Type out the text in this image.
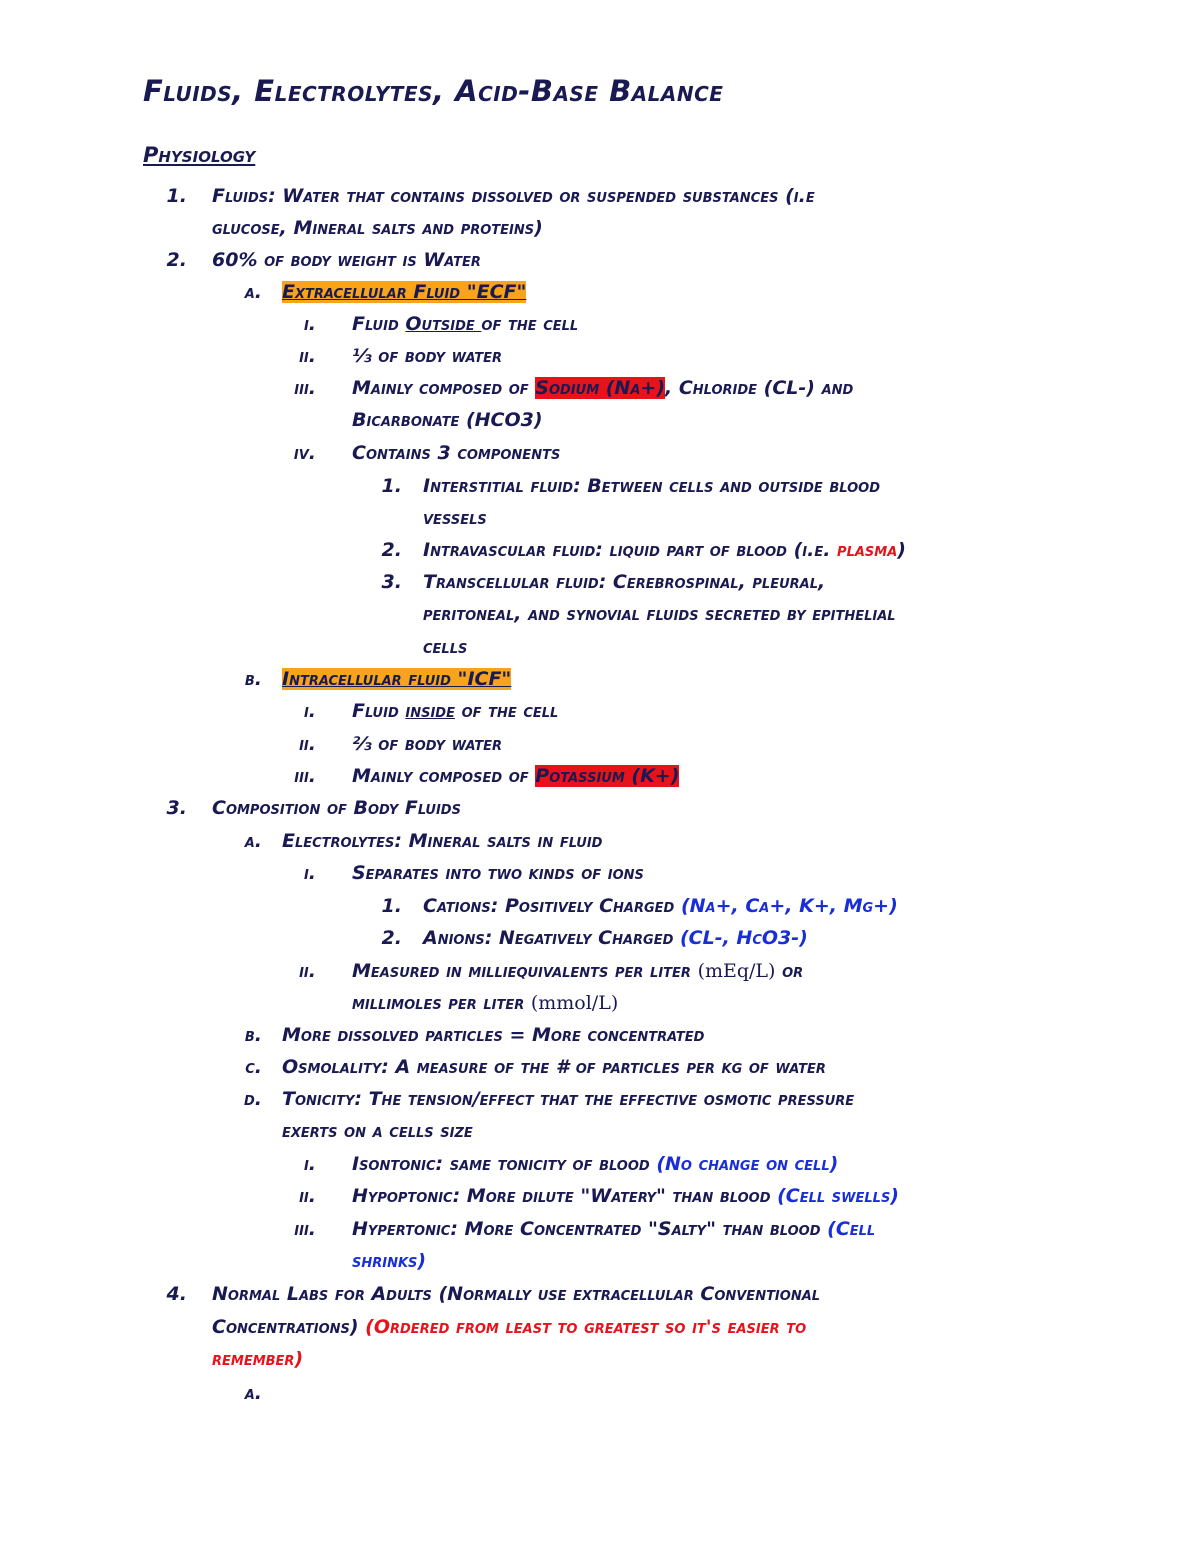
Fluids, Electrolytes, Acid-Base Balance
Physiology
1. Fluids: Water that contains dissolved or suspended substances (i.e
glucose, Mineral salts and proteins)
2. 60% of body weight is Water
a. Extracellular Fluid "ECF"
i. Fluid Outside of the cell
ii. ⅓ of body water
iii. Mainly composed of Sodium (Na+), Chloride (CL-) and
Bicarbonate (HCO3)
iv. Contains 3 components
1. Interstitial fluid: Between cells and outside blood
vessels
2. Intravascular fluid: liquid part of blood (i.e. plasma)
3. Transcellular fluid: Cerebrospinal, pleural,
peritoneal, and synovial fluids secreted by epithelial
cells
b. Intracellular fluid "ICF"
i. Fluid inside of the cell
ii. ⅔ of body water
iii. Mainly composed of Potassium (K+)
3. Composition of Body Fluids
a. Electrolytes: Mineral salts in fluid
i. Separates into two kinds of ions
1. Cations: Positively Charged (Na+, Ca+, K+, Mg+)
2. Anions: Negatively Charged (CL-, HcO3-)
ii. Measured in milliequivalents per liter (mEq/L) or
millimoles per liter (mmol/L)
b. More dissolved particles = More concentrated
c. Osmolality: A measure of the # of particles per kg of water
d. Tonicity: The tension/effect that the effective osmotic pressure
exerts on a cells size
i. Isontonic: same tonicity of blood (No change on cell)
ii. Hypoptonic: More dilute "Watery" than blood (Cell swells)
iii. Hypertonic: More Concentrated "Salty" than blood (Cell
shrinks)
4. Normal Labs for Adults (Normally use extracellular Conventional
Concentrations) (Ordered from least to greatest so it's easier to
remember)
a.
